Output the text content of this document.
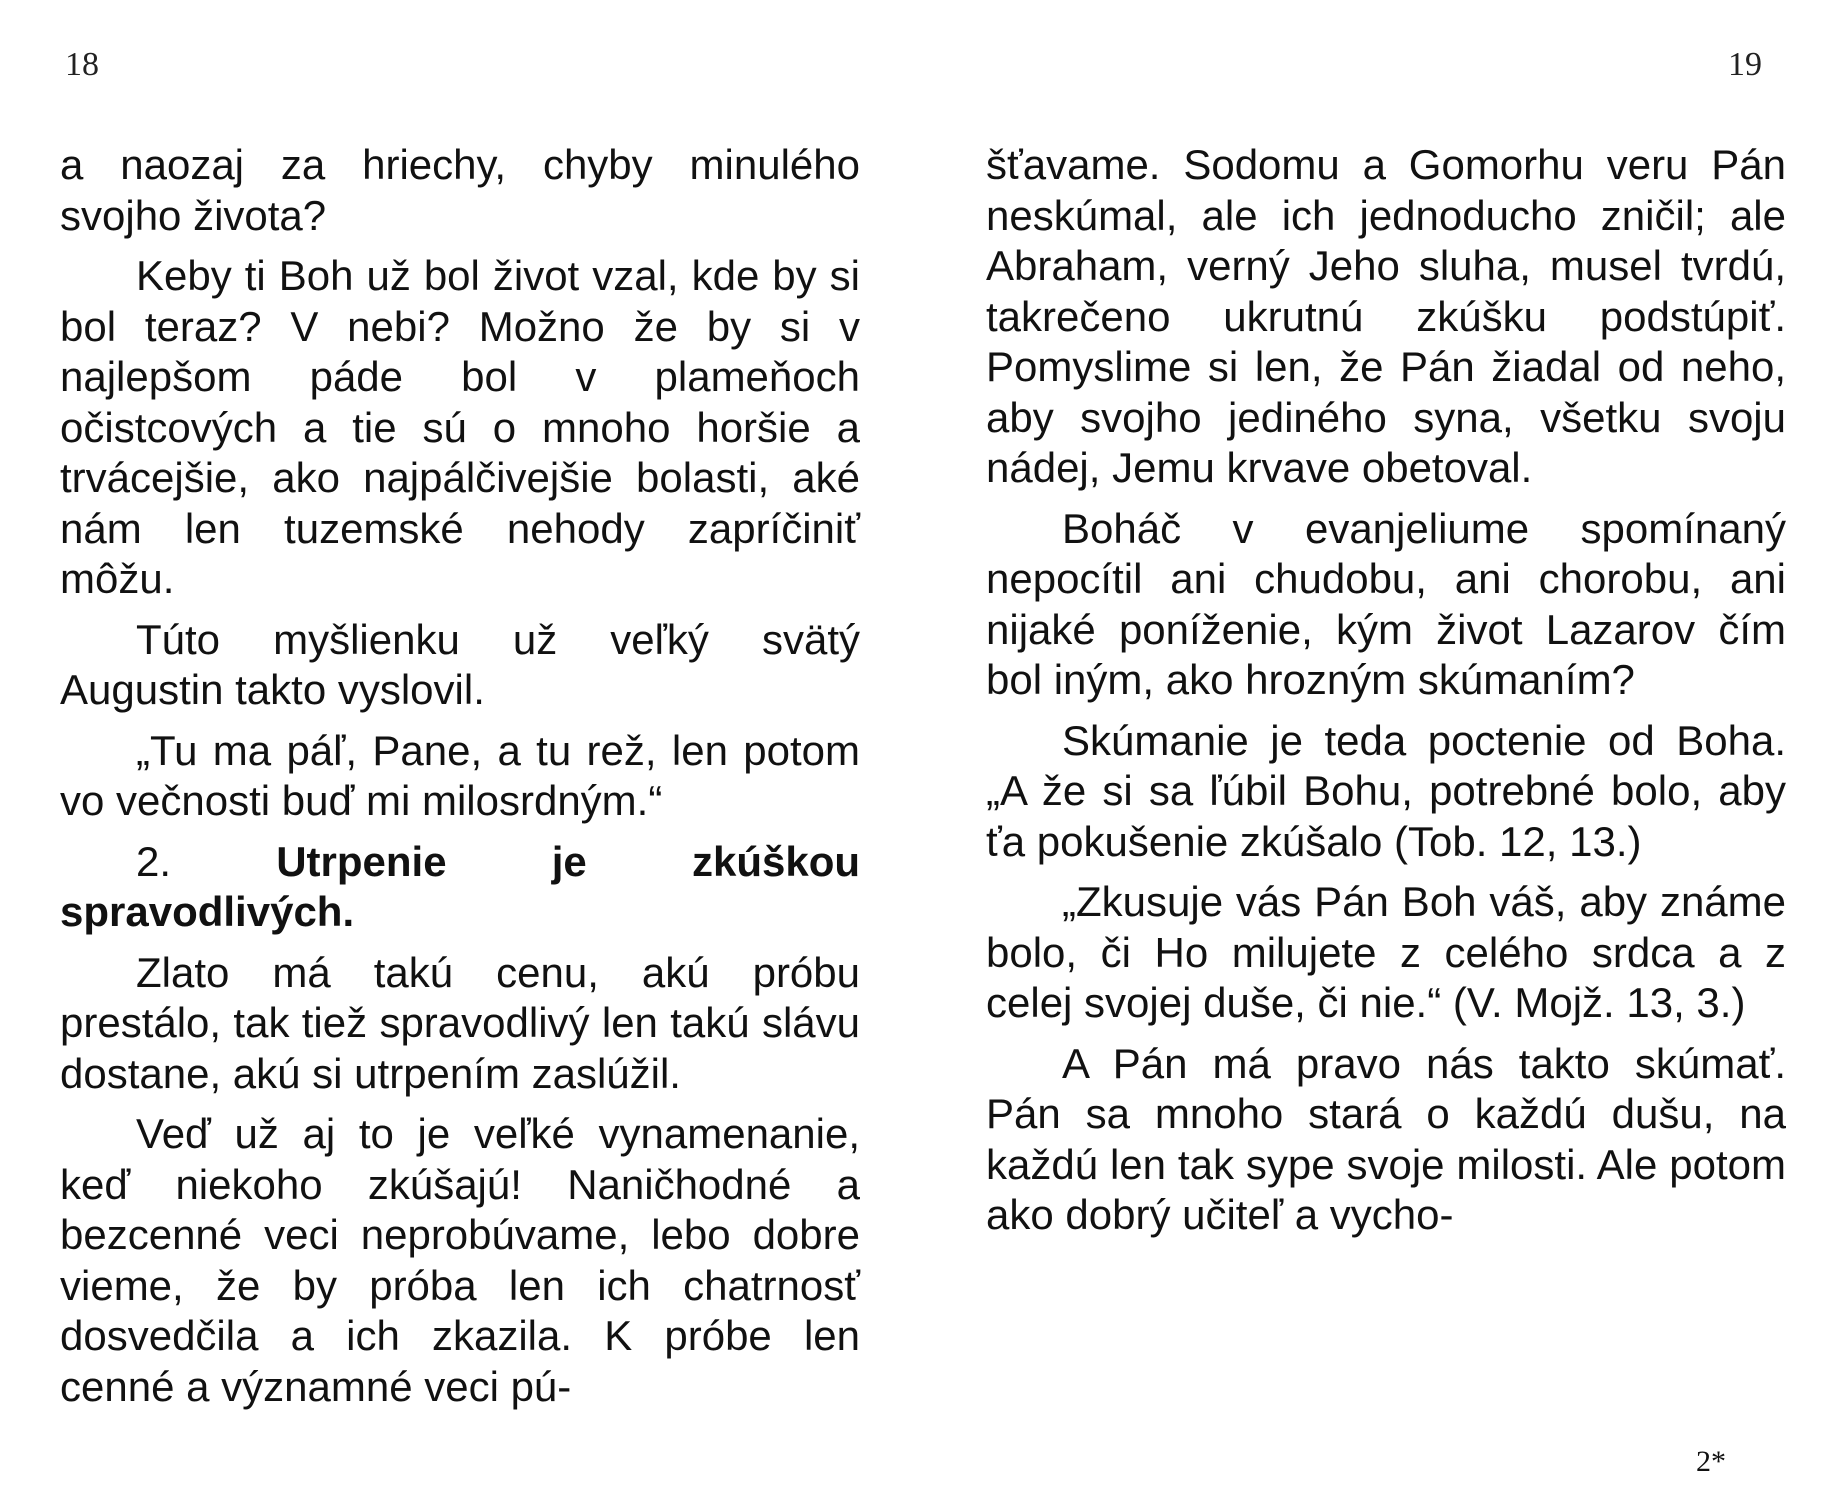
18

a naozaj za hriechy, chyby minulého svojho života?

Keby ti Boh už bol život vzal, kde by si bol teraz? V nebi? Možno že by si v najlepšom páde bol v plameňoch očistcových a tie sú o mnoho horšie a trvácejšie, ako najpálčivejšie bolasti, aké nám len tuzemské nehody zapríčiniť môžu.

Túto myšlienku už veľký svätý Augustin takto vyslovil.

„Tu ma páľ, Pane, a tu rež, len potom vo večnosti buď mi milosrdným.“

2.	Utrpenie je zkúškou spravodlivých.

Zlato má takú cenu, akú próbu prestálo, tak tiež spravodlivý len takú slávu dostane, akú si utrpením zaslúžil.

Veď už aj to je veľké vynamenanie, keď niekoho zkúšajú! Naničhodné a bezcenné veci neprobúvame, lebo dobre vieme, že by próba len ich chatrnosť dosvedčila a ich zkazila. K próbe len cenné a významné veci pú-

19

šťavame. Sodomu a Gomorhu veru Pán neskúmal, ale ich jednoducho zničil; ale Abraham, verný Jeho sluha, musel tvrdú, takrečeno ukrutnú zkúšku podstúpiť. Pomyslime si len, že Pán žiadal od neho, aby svojho jediného syna, všetku svoju nádej, Jemu krvave obetoval.

Boháč v evanjeliume spomínaný nepocítil ani chudobu, ani chorobu, ani nijaké poníženie, kým život Lazarov čím bol iným, ako hrozným skúmaním?

Skúmanie je teda poctenie od Boha. „A že si sa ľúbil Bohu, potrebné bolo, aby ťa pokušenie zkúšalo (Tob. 12, 13.)

„Zkusuje vás Pán Boh váš, aby známe bolo, či Ho milujete z celého srdca a z celej svojej duše, či nie.“ (V. Mojž. 13, 3.)

A Pán má pravo nás takto skúmať. Pán sa mnoho stará o každú dušu, na každú len tak sype svoje milosti. Ale potom ako dobrý učiteľ a vycho-

2*
